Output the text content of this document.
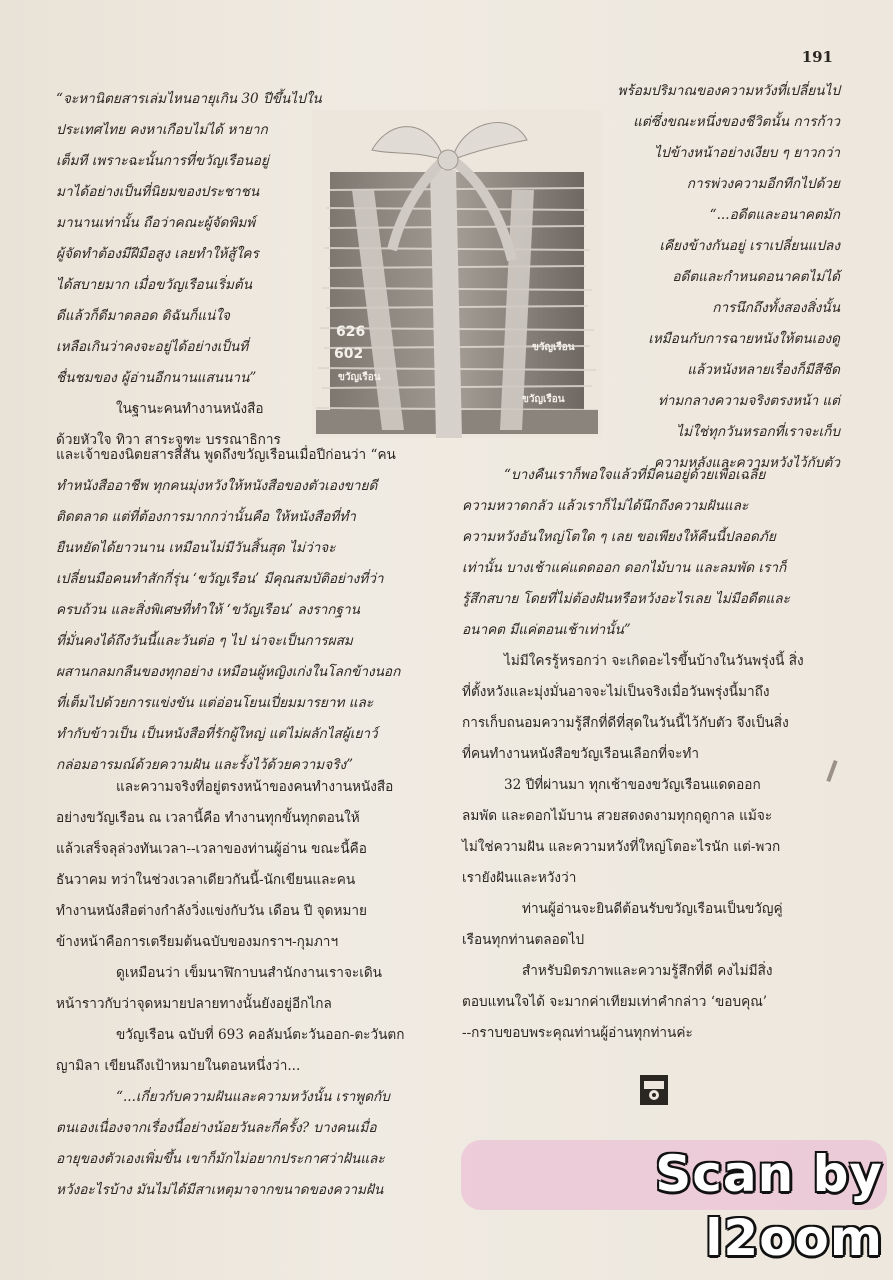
191

“จะหานิตยสารเล่มไหนอายุเกิน 30 ปีขึ้นไปใน

ประเทศไทย คงหาเกือบไม่ได้ หายาก

เต็มที เพราะฉะนั้นการที่ขวัญเรือนอยู่

มาได้อย่างเป็นที่นิยมของประชาชน

มานานเท่านั้น ถือว่าคณะผู้จัดพิมพ์

ผู้จัดทำต้องมีฝีมือสูง เลยทำให้สู้ใคร

ได้สบายมาก เมื่อขวัญเรือนเริ่มต้น

ดีแล้วก็ดีมาตลอด ดิฉันก็แน่ใจ

เหลือเกินว่าคงจะอยู่ได้อย่างเป็นที่

ชื่นชมของ ผู้อ่านอีกนานแสนนาน”

ในฐานะคนทำงานหนังสือ

ด้วยหัวใจ ทิวา สาระจูฑะ บรรณาธิการ

626
602
ขวัญเรือน
ขวัญเรือน
ขวัญเรือน

พร้อมปริมาณของความหวังที่เปลี่ยนไป

แต่ซึ่งขณะหนึ่งของชีวิตนั้น การก้าว

ไปข้างหน้าอย่างเงียบ ๆ ยาวกว่า

การพ่วงความอีกทีกไปด้วย

“...อดีตและอนาคตมัก

เคียงข้างกันอยู่ เราเปลี่ยนแปลง

อดีตและกำหนดอนาคตไม่ได้

การนึกถึงทั้งสองสิ่งนั้น

เหมือนกับการฉายหนังให้ตนเองดู

แล้วหนังหลายเรื่องก็มีสีซีด

ท่ามกลางความจริงตรงหน้า แต่

ไม่ใช่ทุกวันหรอกที่เราจะเก็บ

ความหลังและความหวังไว้กับตัว

และเจ้าของนิตยสารสีสัน พูดถึงขวัญเรือนเมื่อปีก่อนว่า “คน

ทำหนังสืออาชีพ ทุกคนมุ่งหวังให้หนังสือของตัวเองขายดี

ติดตลาด แต่ที่ต้องการมากกว่านั้นคือ ให้หนังสือที่ทำ

ยืนหยัดได้ยาวนาน เหมือนไม่มีวันสิ้นสุด ไม่ว่าจะ

เปลี่ยนมือคนทำสักกี่รุ่น ‘ขวัญเรือน’ มีคุณสมบัติอย่างที่ว่า

ครบถ้วน และสิ่งพิเศษที่ทำให้ ‘ขวัญเรือน’ ลงรากฐาน

ที่มั่นคงได้ถึงวันนี้และวันต่อ ๆ ไป น่าจะเป็นการผสม

ผสานกลมกลืนของทุกอย่าง เหมือนผู้หญิงเก่งในโลกข้างนอก

ที่เต็มไปด้วยการแข่งขัน แต่อ่อนโยนเปี่ยมมารยาท และ

ทำกับข้าวเป็น เป็นหนังสือที่รักผู้ใหญ่ แต่ไม่ผลักไสผู้เยาว์

กล่อมอารมณ์ด้วยความฝัน และรั้งไว้ด้วยความจริง”

และความจริงที่อยู่ตรงหน้าของคนทำงานหนังสือ

อย่างขวัญเรือน ณ เวลานี้คือ ทำงานทุกขั้นทุกตอนให้

แล้วเสร็จลุล่วงทันเวลา--เวลาของท่านผู้อ่าน ขณะนี้คือ

ธันวาคม ทว่าในช่วงเวลาเดียวกันนี้-นักเขียนและคน

ทำงานหนังสือต่างกำลังวิ่งแข่งกับวัน เดือน ปี จุดหมาย

ข้างหน้าคือการเตรียมต้นฉบับของมกราฯ-กุมภาฯ

ดูเหมือนว่า เข็มนาฬิกาบนสำนักงานเราจะเดิน

หน้าราวกับว่าจุดหมายปลายทางนั้นยังอยู่อีกไกล

ขวัญเรือน ฉบับที่ 693 คอลัมน์ตะวันออก-ตะวันตก

ญามิลา เขียนถึงเป้าหมายในตอนหนึ่งว่า...

“...เกี่ยวกับความฝันและความหวังนั้น เราพูดกับ

ตนเองเนื่องจากเรื่องนี้อย่างน้อยวันละกี่ครั้ง? บางคนเมื่อ

อายุของตัวเองเพิ่มขึ้น เขาก็มักไม่อยากประกาศว่าฝันและ

หวังอะไรบ้าง มันไม่ได้มีสาเหตุมาจากขนาดของความฝัน

“บางคืนเราก็พอใจแล้วที่มีคนอยู่ด้วยเพื่อเฉลี่ย

ความหวาดกลัว แล้วเราก็ไม่ได้นึกถึงความฝันและ

ความหวังอันใหญ่โตใด ๆ เลย ขอเพียงให้คืนนี้ปลอดภัย

เท่านั้น บางเช้าแค่แดดออก ดอกไม้บาน และลมพัด เราก็

รู้สึกสบาย โดยที่ไม่ต้องฝันหรือหวังอะไรเลย ไม่มีอดีตและ

อนาคต มีแค่ตอนเช้าเท่านั้น”

ไม่มีใครรู้หรอกว่า จะเกิดอะไรขึ้นบ้างในวันพรุ่งนี้ สิ่ง

ที่ตั้งหวังและมุ่งมั่นอาจจะไม่เป็นจริงเมื่อวันพรุ่งนี้มาถึง

การเก็บถนอมความรู้สึกที่ดีที่สุดในวันนี้ไว้กับตัว จึงเป็นสิ่ง

ที่คนทำงานหนังสือขวัญเรือนเลือกที่จะทำ

32 ปีที่ผ่านมา ทุกเช้าของขวัญเรือนแดดออก

ลมพัด และดอกไม้บาน สวยสดงดงามทุกฤดูกาล แม้จะ

ไม่ใช่ความฝัน และความหวังที่ใหญ่โตอะไรนัก แต่-พวก

เรายังฝันและหวังว่า

ท่านผู้อ่านจะยินดีต้อนรับขวัญเรือนเป็นขวัญคู่

เรือนทุกท่านตลอดไป

สำหรับมิตรภาพและความรู้สึกที่ดี คงไม่มีสิ่ง

ตอบแทนใจได้ จะมากค่าเทียมเท่าคำกล่าว ‘ขอบคุณ’

--กราบขอบพระคุณท่านผู้อ่านทุกท่านค่ะ

Scan by l2oom
